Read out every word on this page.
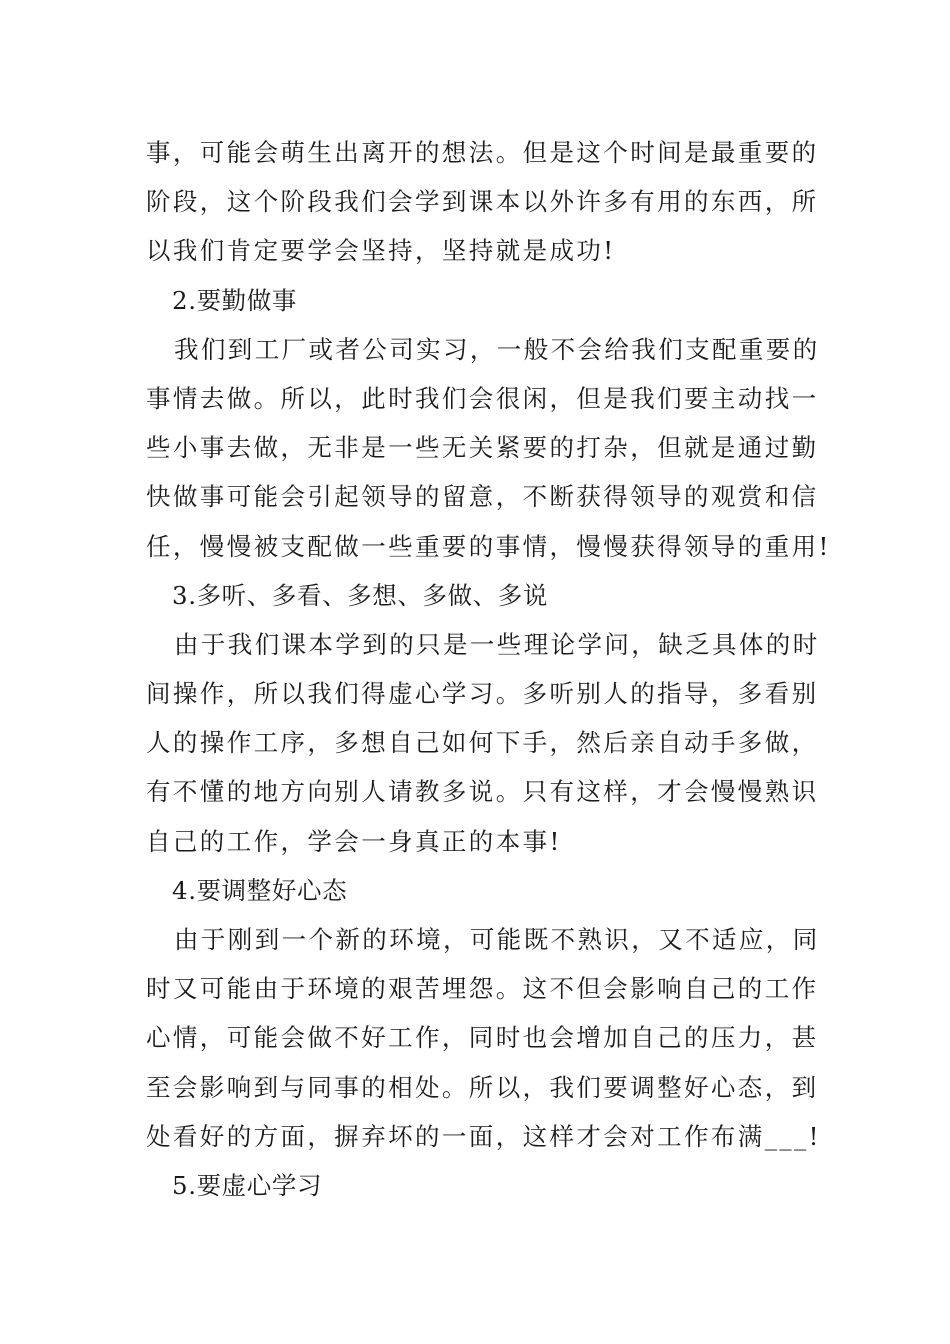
事，可能会萌生出离开的想法。但是这个时间是最重要的
阶段，这个阶段我们会学到课本以外许多有用的东西，所
以我们肯定要学会坚持，坚持就是成功!
2.要勤做事
我们到工厂或者公司实习，一般不会给我们支配重要的
事情去做。所以，此时我们会很闲，但是我们要主动找一
些小事去做，无非是一些无关紧要的打杂，但就是通过勤
快做事可能会引起领导的留意，不断获得领导的观赏和信
任，慢慢被支配做一些重要的事情，慢慢获得领导的重用!
3.多听、多看、多想、多做、多说
由于我们课本学到的只是一些理论学问，缺乏具体的时
间操作，所以我们得虚心学习。多听别人的指导，多看别
人的操作工序，多想自己如何下手，然后亲自动手多做，
有不懂的地方向别人请教多说。只有这样，才会慢慢熟识
自己的工作，学会一身真正的本事!
4.要调整好心态
由于刚到一个新的环境，可能既不熟识，又不适应，同
时又可能由于环境的艰苦埋怨。这不但会影响自己的工作
心情，可能会做不好工作，同时也会增加自己的压力，甚
至会影响到与同事的相处。所以，我们要调整好心态，到
处看好的方面，摒弃坏的一面，这样才会对工作布满___!
5.要虚心学习
